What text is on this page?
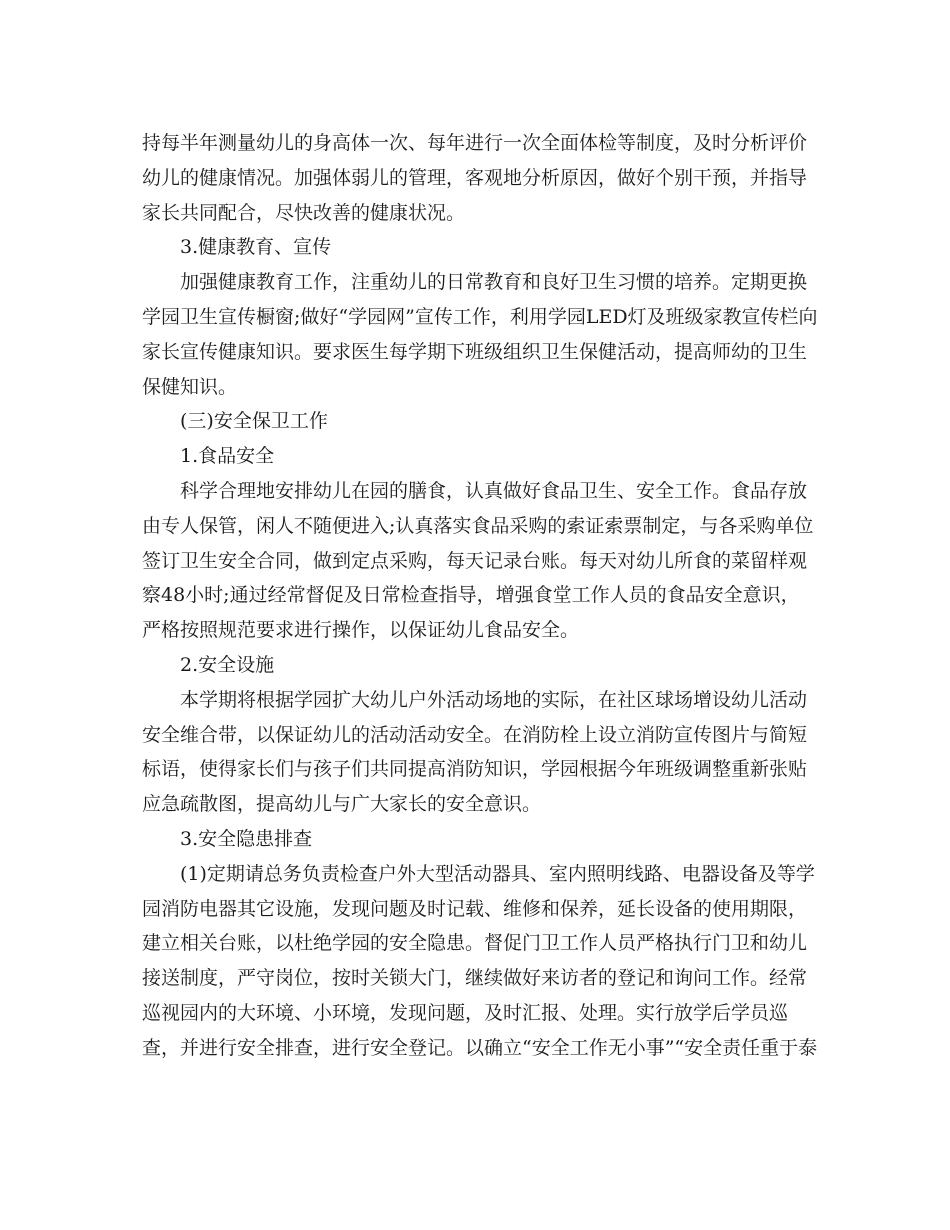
持每半年测量幼儿的身高体一次、每年进行一次全面体检等制度，及时分析评价
幼儿的健康情况。加强体弱儿的管理，客观地分析原因，做好个别干预，并指导
家长共同配合，尽快改善的健康状况。
3.健康教育、宣传
加强健康教育工作，注重幼儿的日常教育和良好卫生习惯的培养。定期更换
学园卫生宣传橱窗;做好“学园网”宣传工作，利用学园LED灯及班级家教宣传栏向
家长宣传健康知识。要求医生每学期下班级组织卫生保健活动，提高师幼的卫生
保健知识。
(三)安全保卫工作
1.食品安全
科学合理地安排幼儿在园的膳食，认真做好食品卫生、安全工作。食品存放
由专人保管，闲人不随便进入;认真落实食品采购的索证索票制定，与各采购单位
签订卫生安全合同，做到定点采购，每天记录台账。每天对幼儿所食的菜留样观
察48小时;通过经常督促及日常检查指导，增强食堂工作人员的食品安全意识，
严格按照规范要求进行操作，以保证幼儿食品安全。
2.安全设施
本学期将根据学园扩大幼儿户外活动场地的实际，在社区球场增设幼儿活动
安全维合带，以保证幼儿的活动活动安全。在消防栓上设立消防宣传图片与简短
标语，使得家长们与孩子们共同提高消防知识，学园根据今年班级调整重新张贴
应急疏散图，提高幼儿与广大家长的安全意识。
3.安全隐患排查
(1)定期请总务负责检查户外大型活动器具、室内照明线路、电器设备及等学
园消防电器其它设施，发现问题及时记载、维修和保养，延长设备的使用期限，
建立相关台账，以杜绝学园的安全隐患。督促门卫工作人员严格执行门卫和幼儿
接送制度，严守岗位，按时关锁大门，继续做好来访者的登记和询问工作。经常
巡视园内的大环境、小环境，发现问题，及时汇报、处理。实行放学后学员巡
查，并进行安全排查，进行安全登记。以确立“安全工作无小事”“安全责任重于泰
